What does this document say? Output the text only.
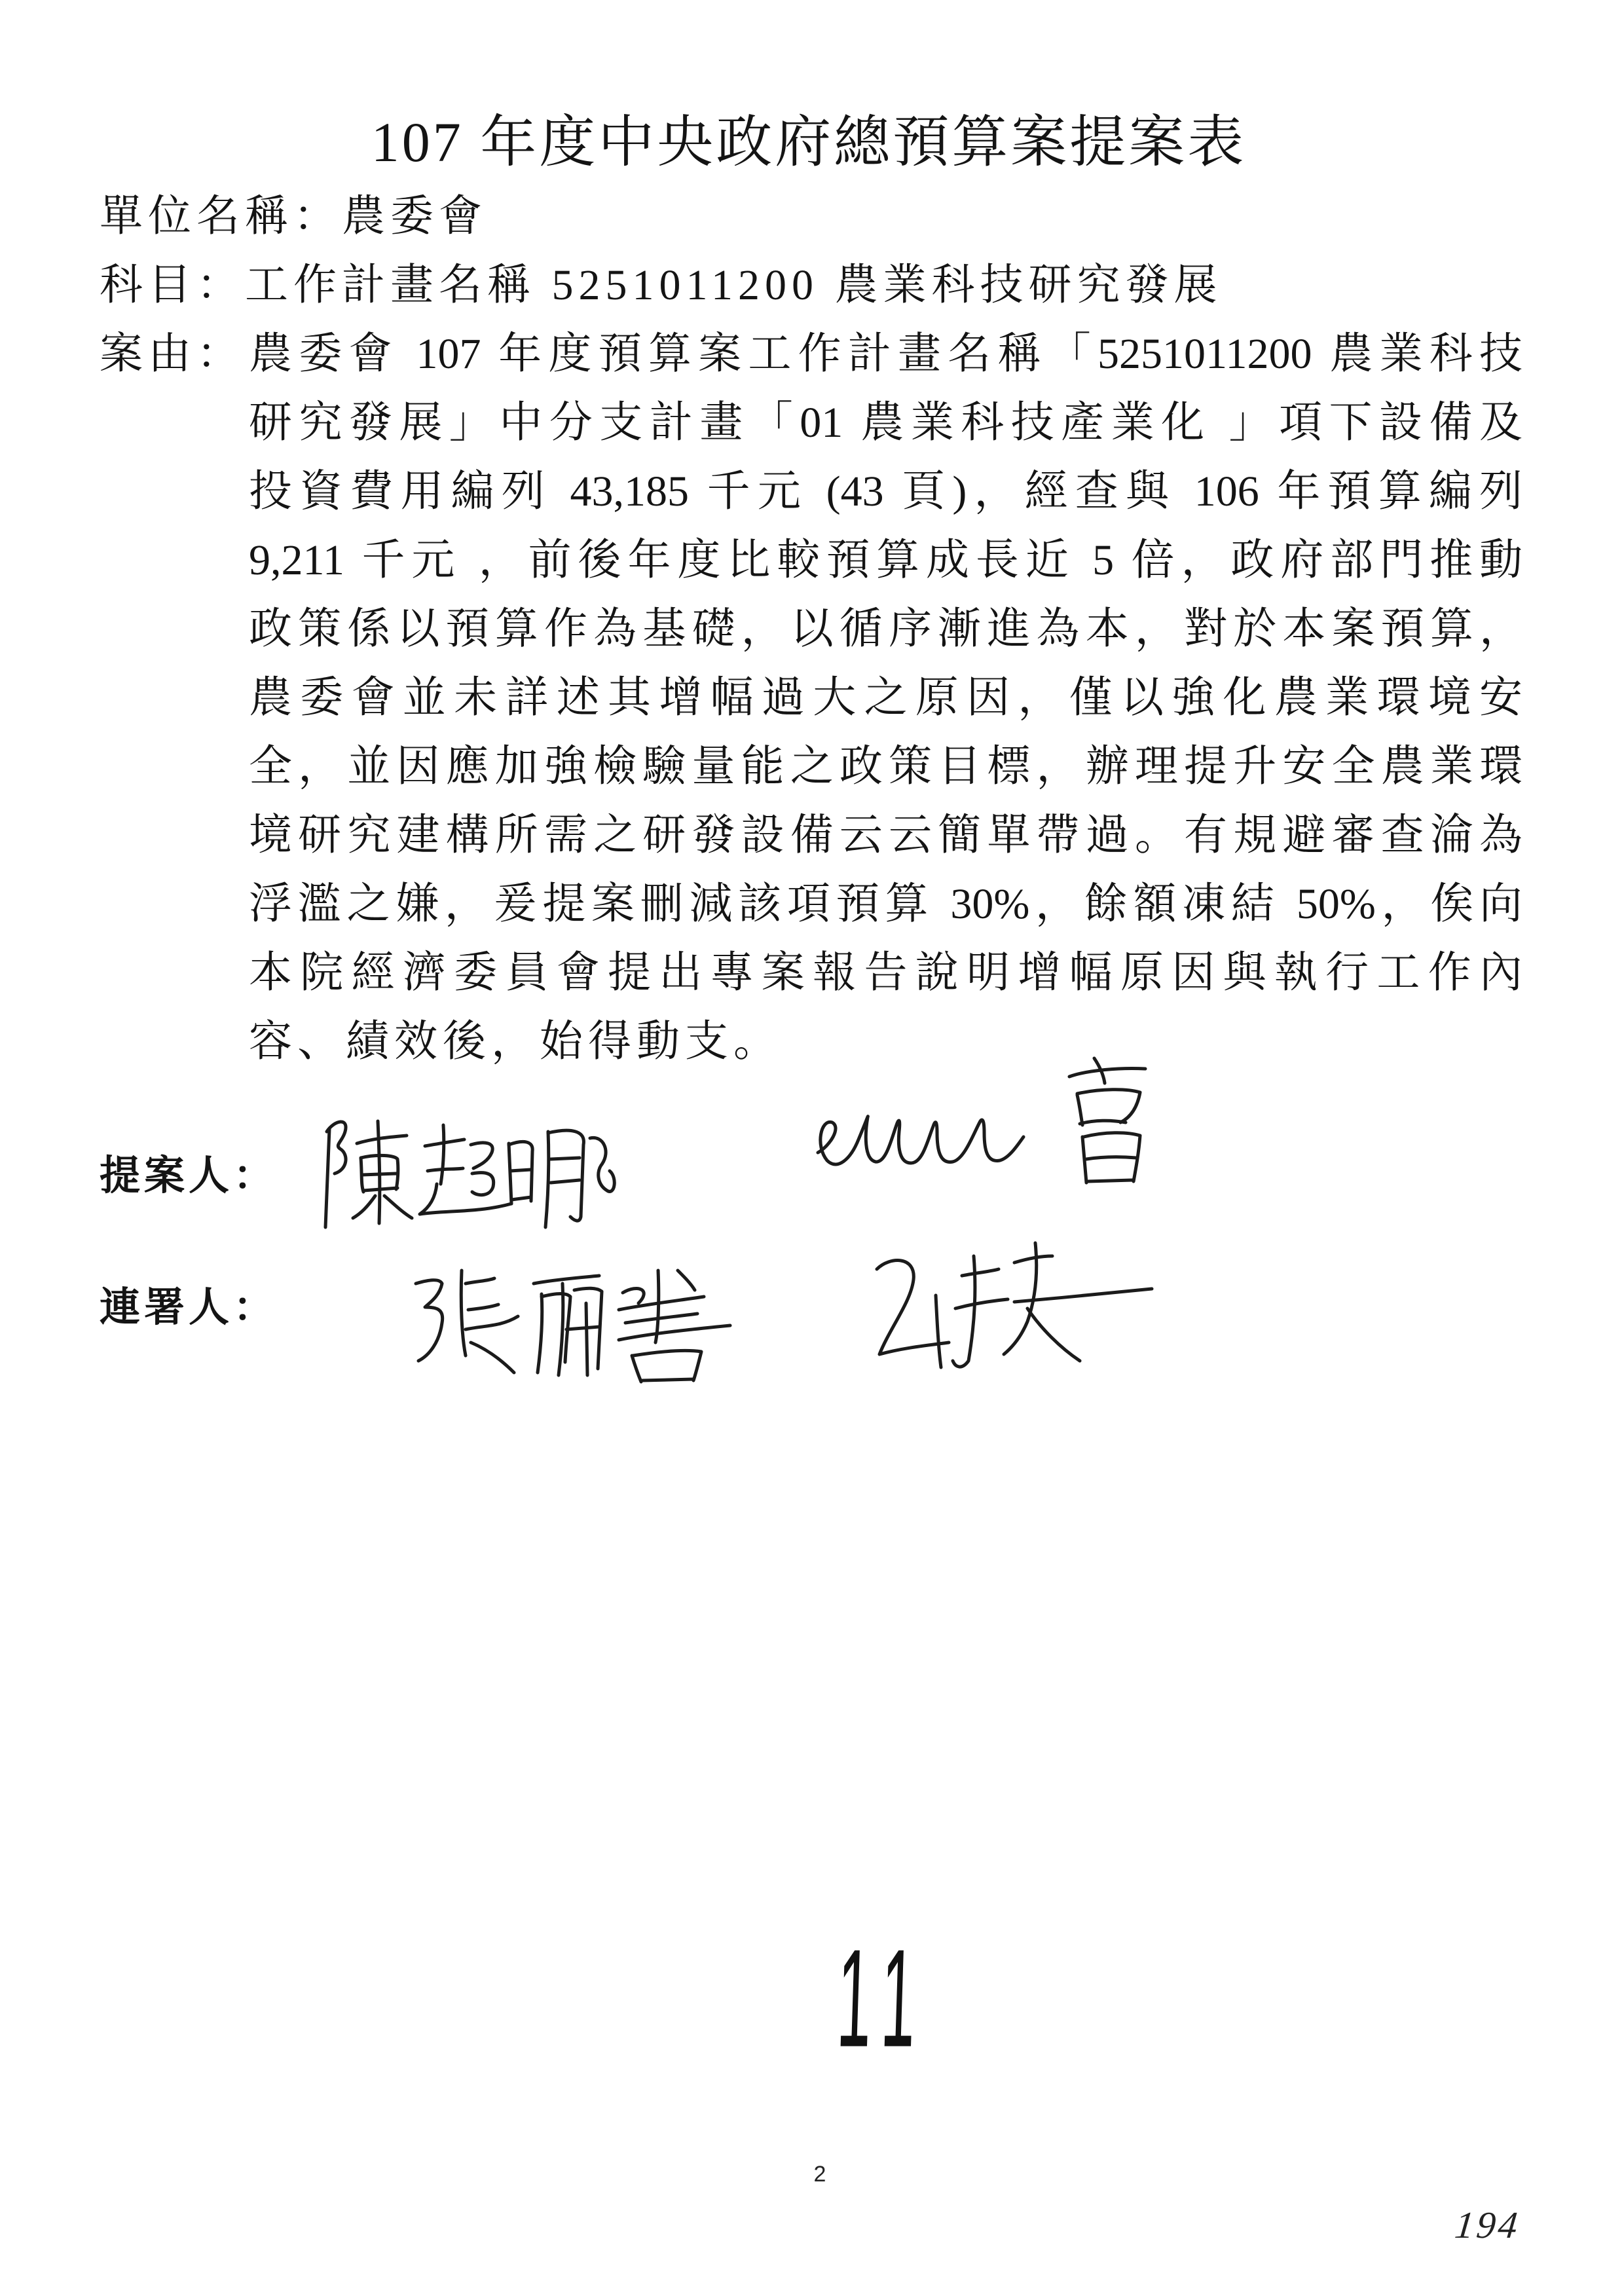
107 年度中央政府總預算案提案表
單位名稱：農委會
科目：工作計畫名稱 5251011200 農業科技研究發展
案由： 農委會 107 年度預算案工作計畫名稱「5251011200 農業科技
研究發展」中分支計畫「01 農業科技產業化 」項下設備及
投資費用編列 43,185 千元 (43 頁)，經查與 106 年預算編列
9,211 千元 ，前後年度比較預算成長近 5 倍，政府部門推動
政策係以預算作為基礎，以循序漸進為本，對於本案預算，
農委會並未詳述其增幅過大之原因，僅以強化農業環境安
全，並因應加強檢驗量能之政策目標，辦理提升安全農業環
境研究建構所需之研發設備云云簡單帶過。有規避審查淪為
浮濫之嫌，爰提案刪減該項預算 30%，餘額凍結 50%，俟向
本院經濟委員會提出專案報告說明增幅原因與執行工作內
容、績效後，始得動支。
提案人：
連署人：
11
2
194
